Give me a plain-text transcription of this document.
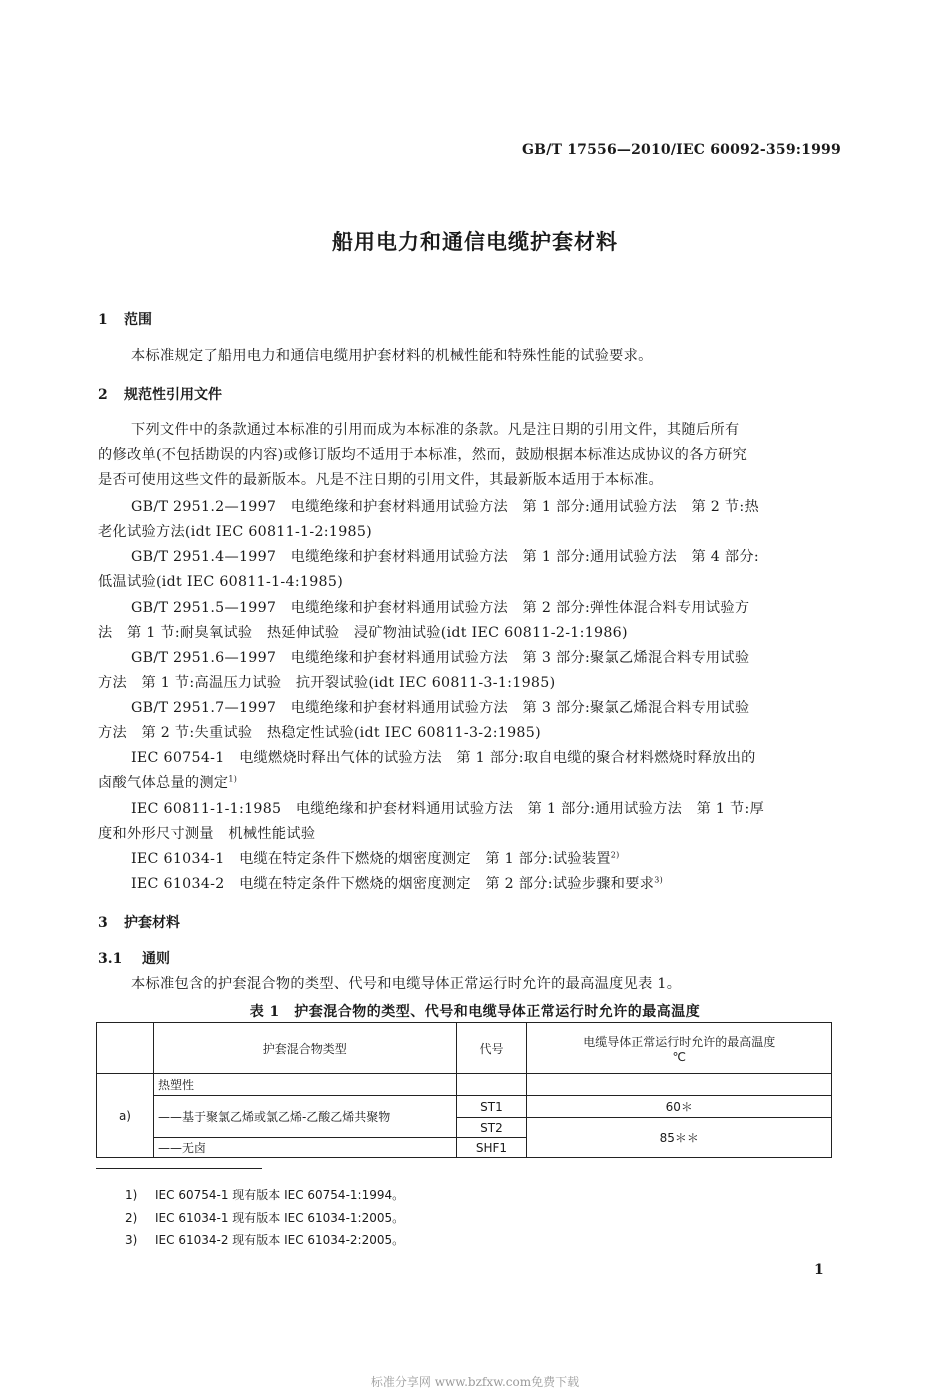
GB/T 17556—2010/IEC 60092-359:1999
船用电力和通信电缆护套材料
1 范围
本标准规定了船用电力和通信电缆用护套材料的机械性能和特殊性能的试验要求。
2 规范性引用文件
下列文件中的条款通过本标准的引用而成为本标准的条款。凡是注日期的引用文件，其随后所有
的修改单(不包括勘误的内容)或修订版均不适用于本标准，然而，鼓励根据本标准达成协议的各方研究
是否可使用这些文件的最新版本。凡是不注日期的引用文件，其最新版本适用于本标准。
GB/T 2951.2—1997　电缆绝缘和护套材料通用试验方法　第 1 部分:通用试验方法　第 2 节:热
老化试验方法(idt IEC 60811-1-2:1985)
GB/T 2951.4—1997　电缆绝缘和护套材料通用试验方法　第 1 部分:通用试验方法　第 4 部分:
低温试验(idt IEC 60811-1-4:1985)
GB/T 2951.5—1997　电缆绝缘和护套材料通用试验方法　第 2 部分:弹性体混合料专用试验方
法　第 1 节:耐臭氧试验　热延伸试验　浸矿物油试验(idt IEC 60811-2-1:1986)
GB/T 2951.6—1997　电缆绝缘和护套材料通用试验方法　第 3 部分:聚氯乙烯混合料专用试验
方法　第 1 节:高温压力试验　抗开裂试验(idt IEC 60811-3-1:1985)
GB/T 2951.7—1997　电缆绝缘和护套材料通用试验方法　第 3 部分:聚氯乙烯混合料专用试验
方法　第 2 节:失重试验　热稳定性试验(idt IEC 60811-3-2:1985)
IEC 60754-1　电缆燃烧时释出气体的试验方法　第 1 部分:取自电缆的聚合材料燃烧时释放出的
卤酸气体总量的测定$^{1)}$
IEC 60811-1-1:1985　电缆绝缘和护套材料通用试验方法　第 1 部分:通用试验方法　第 1 节:厚
度和外形尺寸测量　机械性能试验
IEC 61034-1　电缆在特定条件下燃烧的烟密度测定　第 1 部分:试验装置$^{2)}$
IEC 61034-2　电缆在特定条件下燃烧的烟密度测定　第 2 部分:试验步骤和要求$^{3)}$
3 护套材料
3.1 通则
本标准包含的护套混合物的类型、代号和电缆导体正常运行时允许的最高温度见表 1。
表 1　护套混合物的类型、代号和电缆导体正常运行时允许的最高温度
	护套混合物类型	代号	电缆导体正常运行时允许的最高温度
℃

a)	热塑性		
	——基于聚氯乙烯或氯乙烯-乙酸乙烯共聚物	ST1	60＊
		ST2	85＊＊
	——无卤	SHF1	
1) IEC 60754-1 现有版本 IEC 60754-1:1994。
2) IEC 61034-1 现有版本 IEC 61034-1:2005。
3) IEC 61034-2 现有版本 IEC 61034-2:2005。
1
标准分享网 www.bzfxw.com免费下载
